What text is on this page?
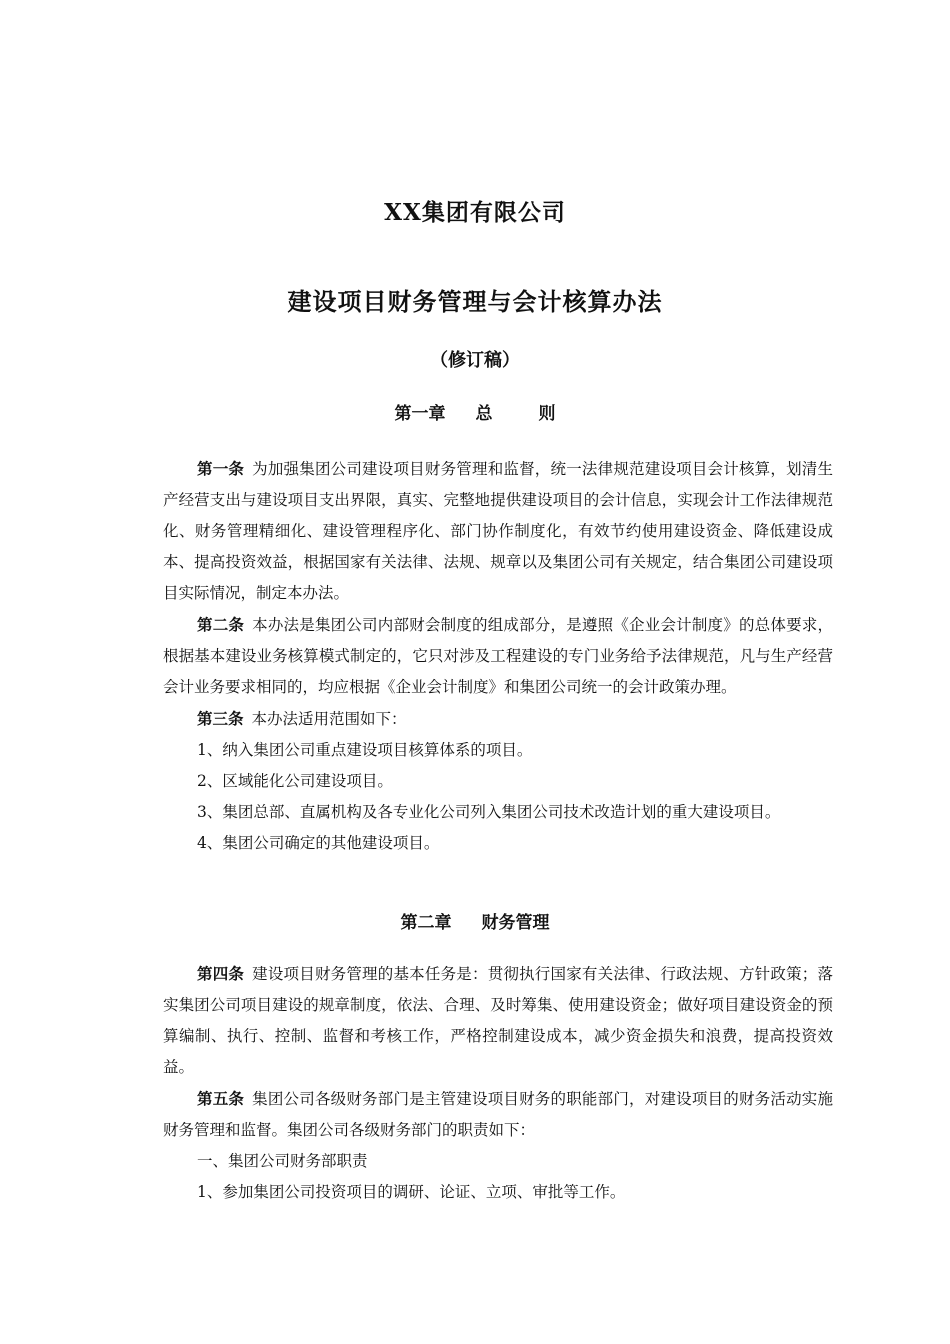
XX集团有限公司
建设项目财务管理与会计核算办法
（修订稿）
第一章 总	则

第一条 为加强集团公司建设项目财务管理和监督，统一法律规范建设项目会计核算，划清生产经营支出与建设项目支出界限，真实、完整地提供建设项目的会计信息，实现会计工作法律规范化、财务管理精细化、建设管理程序化、部门协作制度化，有效节约使用建设资金、降低建设成本、提高投资效益，根据国家有关法律、法规、规章以及集团公司有关规定，结合集团公司建设项目实际情况，制定本办法。

第二条 本办法是集团公司内部财会制度的组成部分，是遵照《企业会计制度》的总体要求，根据基本建设业务核算模式制定的，它只对涉及工程建设的专门业务给予法律规范，凡与生产经营会计业务要求相同的，均应根据《企业会计制度》和集团公司统一的会计政策办理。

第三条 本办法适用范围如下：

1、纳入集团公司重点建设项目核算体系的项目。

2、区域能化公司建设项目。

3、集团总部、直属机构及各专业化公司列入集团公司技术改造计划的重大建设项目。

4、集团公司确定的其他建设项目。

第二章 财务管理

第四条 建设项目财务管理的基本任务是：贯彻执行国家有关法律、行政法规、方针政策；落实集团公司项目建设的规章制度，依法、合理、及时筹集、使用建设资金；做好项目建设资金的预算编制、执行、控制、监督和考核工作，严格控制建设成本，减少资金损失和浪费，提高投资效益。

第五条 集团公司各级财务部门是主管建设项目财务的职能部门，对建设项目的财务活动实施财务管理和监督。集团公司各级财务部门的职责如下：

一、集团公司财务部职责

1、参加集团公司投资项目的调研、论证、立项、审批等工作。
